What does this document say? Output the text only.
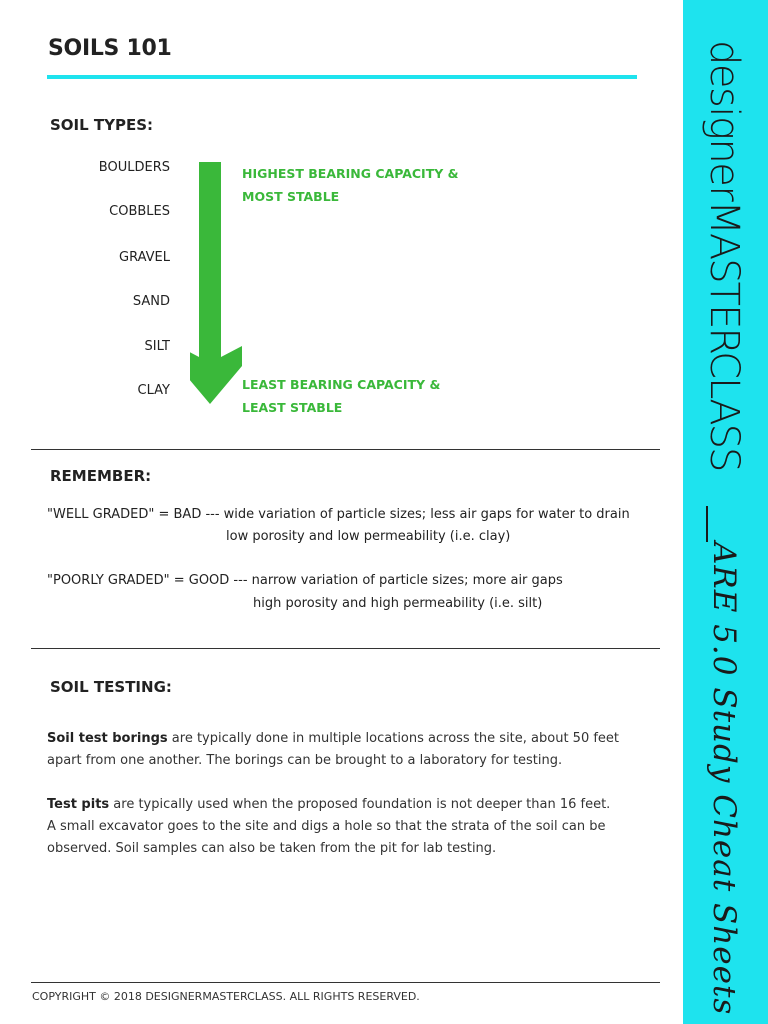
SOILS 101
SOIL TYPES:
BOULDERS
COBBLES
GRAVEL
SAND
SILT
CLAY
HIGHEST BEARING CAPACITY &
MOST STABLE
LEAST BEARING CAPACITY &
LEAST STABLE
REMEMBER:
"WELL GRADED" = BAD --- wide variation of particle sizes; less air gaps for water to drain
low porosity and low permeability (i.e. clay)
"POORLY GRADED" = GOOD --- narrow variation of particle sizes; more air gaps
high porosity and high permeability (i.e. silt)
SOIL TESTING:
Soil test borings are typically done in multiple locations across the site, about 50 feet
apart from one another. The borings can be brought to a laboratory for testing.
Test pits are typically used when the proposed foundation is not deeper than 16 feet.
A small excavator goes to the site and digs a hole so that the strata of the soil can be
observed. Soil samples can also be taken from the pit for lab testing.
COPYRIGHT © 2018 DESIGNERMASTERCLASS. ALL RIGHTS RESERVED.
designerMASTERCLASS
ARE 5.0 Study Cheat Sheets
